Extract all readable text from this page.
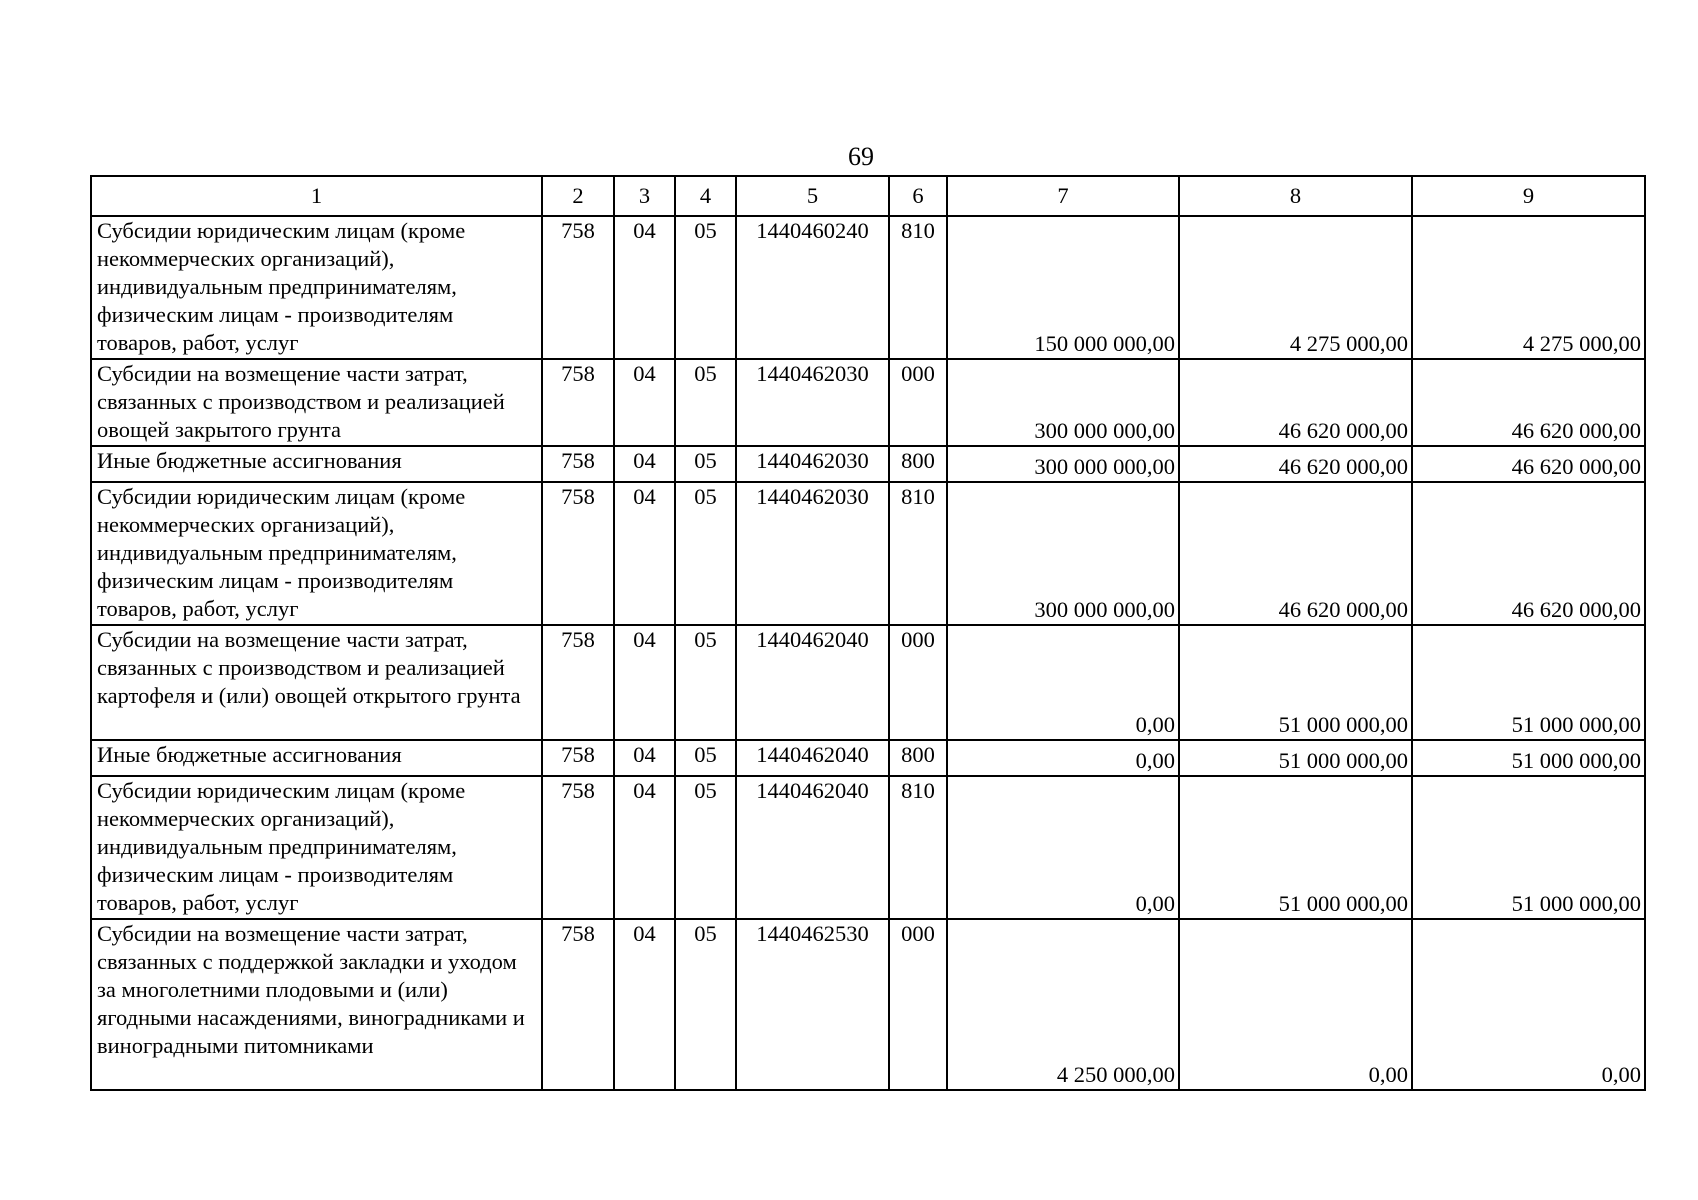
69
1	2	3	4	5	6	7	8	9
Субсидии юридическим лицам (кроме некоммерческих организаций), индивидуальным предпринимателям, физическим лицам - производителям товаров, работ, услуг	758	04	05	1440460240	810	150 000 000,00	4 275 000,00	4 275 000,00
Субсидии на возмещение части затрат, связанных с производством и реализацией овощей закрытого грунта	758	04	05	1440462030	000	300 000 000,00	46 620 000,00	46 620 000,00
Иные бюджетные ассигнования	758	04	05	1440462030	800	300 000 000,00	46 620 000,00	46 620 000,00
Субсидии юридическим лицам (кроме некоммерческих организаций), индивидуальным предпринимателям, физическим лицам - производителям товаров, работ, услуг	758	04	05	1440462030	810	300 000 000,00	46 620 000,00	46 620 000,00
Субсидии на возмещение части затрат, связанных с производством и реализацией картофеля и (или) овощей открытого грунта	758	04	05	1440462040	000	0,00	51 000 000,00	51 000 000,00
Иные бюджетные ассигнования	758	04	05	1440462040	800	0,00	51 000 000,00	51 000 000,00
Субсидии юридическим лицам (кроме некоммерческих организаций), индивидуальным предпринимателям, физическим лицам - производителям товаров, работ, услуг	758	04	05	1440462040	810	0,00	51 000 000,00	51 000 000,00
Субсидии на возмещение части затрат, связанных с поддержкой закладки и уходом за многолетними плодовыми и (или) ягодными насаждениями, виноградниками и виноградными питомниками	758	04	05	1440462530	000	4 250 000,00	0,00	0,00
